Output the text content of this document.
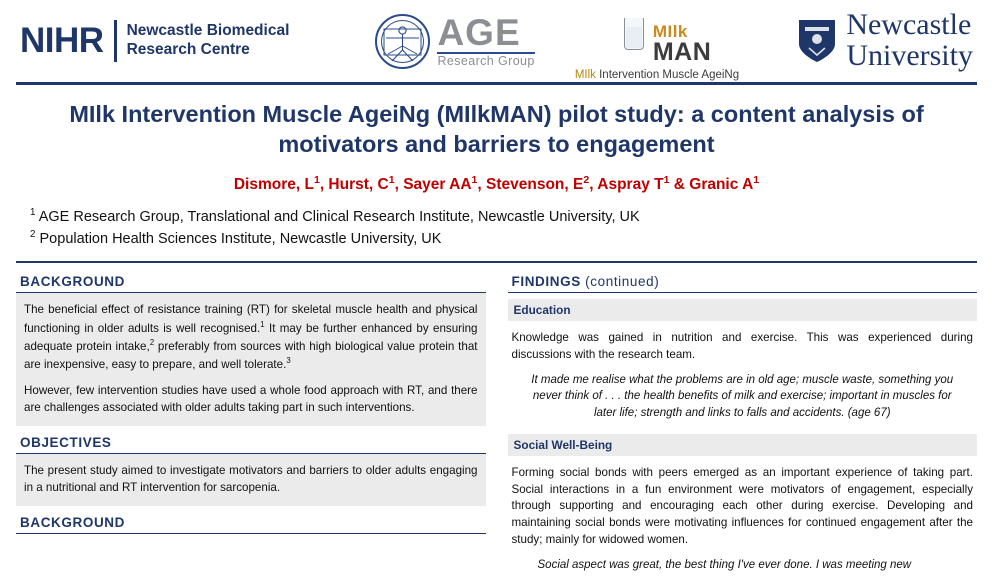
NIHR Newcastle Biomedical
Research Centre	AGE
Research Group
MIlk
MAN
MIlk Intervention Muscle AgeiNg
Newcastle
University
MIlk Intervention Muscle AgeiNg (MIlkMAN) pilot study: a content analysis of motivators and barriers to engagement
Dismore, $L^1$, Hurst, $C^1$, Sayer $AA^1$, Stevenson, $E^2$, Aspray $T^1$ & Granic $A^1$
$^1$ AGE Research Group, Translational and Clinical Research Institute, Newcastle University, UK
$^2$ Population Health Sciences Institute, Newcastle University, UK
BACKGROUND

The beneficial effect of resistance training (RT) for skeletal muscle health and physical functioning in older adults is well recognised.$^1$ It may be further enhanced by ensuring adequate protein intake,$^2$ preferably from sources with high biological value protein that are inexpensive, easy to prepare, and well tolerate.$^3$

However, few intervention studies have used a whole food approach with RT, and there are challenges associated with older adults taking part in such interventions.

OBJECTIVES

The present study aimed to investigate motivators and barriers to older adults engaging in a nutritional and RT intervention for sarcopenia.

BACKGROUND
FINDINGS (continued)
Education
Knowledge was gained in nutrition and exercise. This was experienced during discussions with the research team.
It made me realise what the problems are in old age; muscle waste, something you never think of . . . the health benefits of milk and exercise; important in muscles for later life; strength and links to falls and accidents. (age 67)
Social Well-Being
Forming social bonds with peers emerged as an important experience of taking part. Social interactions in a fun environment were motivators of engagement, especially through supporting and encouraging each other during exercise. Developing and maintaining social bonds were motivating influences for continued engagement after the study; mainly for widowed women.
Social aspect was great, the best thing I've ever done. I was meeting new
